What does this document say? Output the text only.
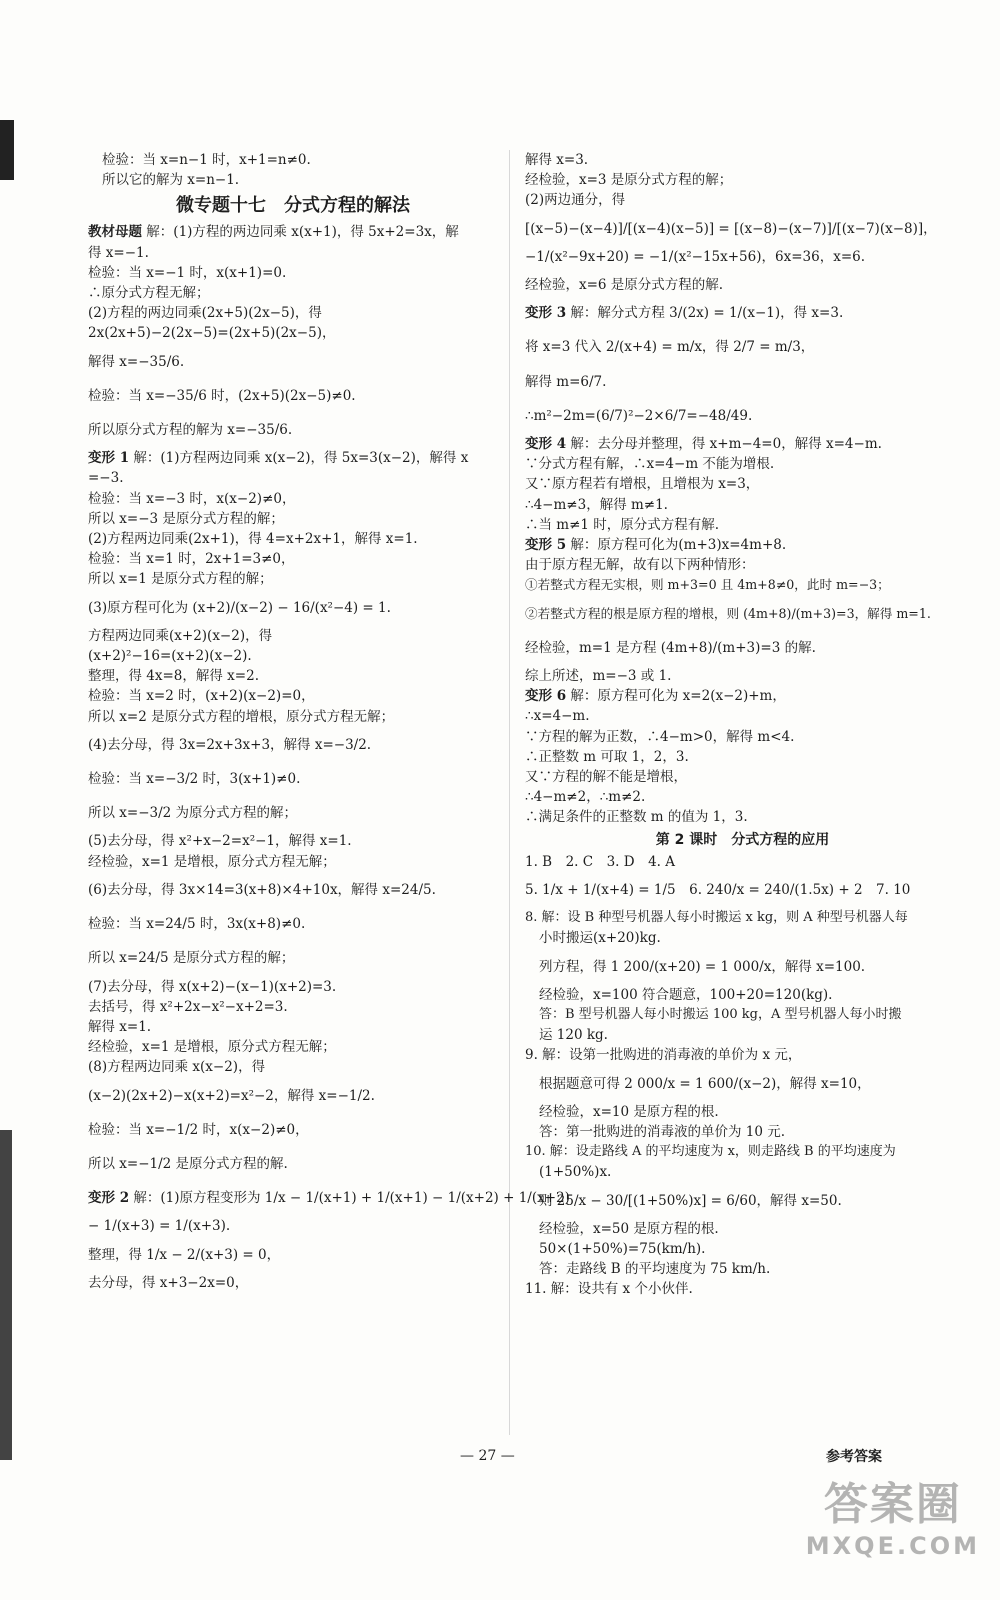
检验：当 x=n−1 时，x+1=n≠0.
所以它的解为 x=n−1.
微专题十七　分式方程的解法
教材母题 解：(1)方程的两边同乘 x(x+1)，得 5x+2=3x，解
得 x=−1.
检验：当 x=−1 时，x(x+1)=0.
∴原分式方程无解；
(2)方程的两边同乘(2x+5)(2x−5)，得
2x(2x+5)−2(2x−5)=(2x+5)(2x−5)，
解得 x=−35/6.
检验：当 x=−35/6 时，(2x+5)(2x−5)≠0.
所以原分式方程的解为 x=−35/6.
变形 1 解：(1)方程两边同乘 x(x−2)，得 5x=3(x−2)，解得 x
=−3.
检验：当 x=−3 时，x(x−2)≠0，
所以 x=−3 是原分式方程的解；
(2)方程两边同乘(2x+1)，得 4=x+2x+1，解得 x=1.
检验：当 x=1 时，2x+1=3≠0，
所以 x=1 是原分式方程的解；
(3)原方程可化为 (x+2)/(x−2) − 16/(x²−4) = 1.
方程两边同乘(x+2)(x−2)，得
(x+2)²−16=(x+2)(x−2).
整理，得 4x=8，解得 x=2.
检验：当 x=2 时，(x+2)(x−2)=0，
所以 x=2 是原分式方程的增根，原分式方程无解；
(4)去分母，得 3x=2x+3x+3，解得 x=−3/2.
检验：当 x=−3/2 时，3(x+1)≠0.
所以 x=−3/2 为原分式方程的解；
(5)去分母，得 x²+x−2=x²−1，解得 x=1.
经检验，x=1 是增根，原分式方程无解；
(6)去分母，得 3x×14=3(x+8)×4+10x，解得 x=24/5.
检验：当 x=24/5 时，3x(x+8)≠0.
所以 x=24/5 是原分式方程的解；
(7)去分母，得 x(x+2)−(x−1)(x+2)=3.
去括号，得 x²+2x−x²−x+2=3.
解得 x=1.
经检验，x=1 是增根，原分式方程无解；
(8)方程两边同乘 x(x−2)，得
(x−2)(2x+2)−x(x+2)=x²−2，解得 x=−1/2.
检验：当 x=−1/2 时，x(x−2)≠0，
所以 x=−1/2 是原分式方程的解.
变形 2 解：(1)原方程变形为 1/x − 1/(x+1) + 1/(x+1) − 1/(x+2) + 1/(x+2)
− 1/(x+3) = 1/(x+3).
整理，得 1/x − 2/(x+3) = 0，
去分母，得 x+3−2x=0，
解得 x=3.
经检验，x=3 是原分式方程的解；
(2)两边通分，得
[(x−5)−(x−4)]/[(x−4)(x−5)] = [(x−8)−(x−7)]/[(x−7)(x−8)]，
−1/(x²−9x+20) = −1/(x²−15x+56)，6x=36，x=6.
经检验，x=6 是原分式方程的解.
变形 3 解：解分式方程 3/(2x) = 1/(x−1)，得 x=3.
将 x=3 代入 2/(x+4) = m/x，得 2/7 = m/3，
解得 m=6/7.
∴m²−2m=(6/7)²−2×6/7=−48/49.
变形 4 解：去分母并整理，得 x+m−4=0，解得 x=4−m.
∵分式方程有解，∴x=4−m 不能为增根.
又∵原方程若有增根，且增根为 x=3，
∴4−m≠3，解得 m≠1.
∴当 m≠1 时，原分式方程有解.
变形 5 解：原方程可化为(m+3)x=4m+8.
由于原方程无解，故有以下两种情形：
①若整式方程无实根，则 m+3=0 且 4m+8≠0，此时 m=−3；
②若整式方程的根是原方程的增根，则 (4m+8)/(m+3)=3，解得 m=1.
经检验，m=1 是方程 (4m+8)/(m+3)=3 的解.
综上所述，m=−3 或 1.
变形 6 解：原方程可化为 x=2(x−2)+m，
∴x=4−m.
∵方程的解为正数，∴4−m>0，解得 m<4.
∴正整数 m 可取 1，2，3.
又∵方程的解不能是增根，
∴4−m≠2，∴m≠2.
∴满足条件的正整数 m 的值为 1，3.
第 2 课时　分式方程的应用
1. B　2. C　3. D　4. A
5. 1/x + 1/(x+4) = 1/5　6. 240/x = 240/(1.5x) + 2　7. 10
8. 解：设 B 种型号机器人每小时搬运 x kg，则 A 种型号机器人每
小时搬运(x+20)kg.
列方程，得 1 200/(x+20) = 1 000/x，解得 x=100.
经检验，x=100 符合题意，100+20=120(kg).
答：B 型号机器人每小时搬运 100 kg，A 型号机器人每小时搬
运 120 kg.
9. 解：设第一批购进的消毒液的单价为 x 元，
根据题意可得 2 000/x = 1 600/(x−2)，解得 x=10，
经检验，x=10 是原方程的根.
答：第一批购进的消毒液的单价为 10 元.
10. 解：设走路线 A 的平均速度为 x，则走路线 B 的平均速度为
(1+50%)x.
则 25/x − 30/[(1+50%)x] = 6/60，解得 x=50.
经检验，x=50 是原方程的根.
50×(1+50%)=75(km/h).
答：走路线 B 的平均速度为 75 km/h.
11. 解：设共有 x 个小伙伴.
— 27 —	参考答案
答案圈
MXQE.COM
